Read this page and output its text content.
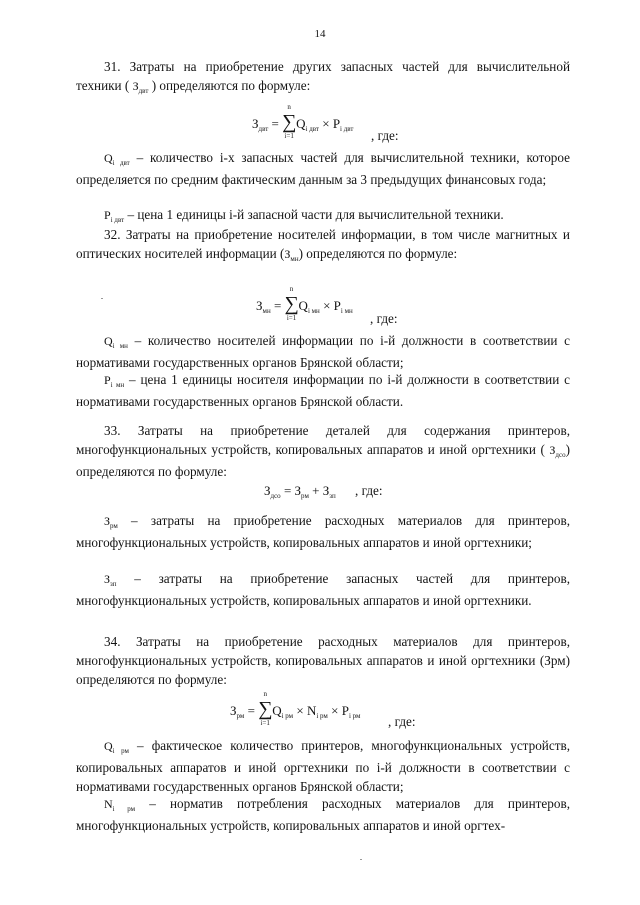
14

31. Затраты на приобретение других запасных частей для вычислительной техники ( $З_{двт}$ ) определяются по формуле:

$З_{двт}$ =
n
∑
i=1
$Q_{i двт} \times P_{i двт}$ , где:

$Q_{i двт}$ – количество i-х запасных частей для вычислительной техники, которое определяется по средним фактическим данным за 3 предыдущих финансовых года;

$P_{i двт}$ – цена 1 единицы i-й запасной части для вычислительной техники.

32. Затраты на приобретение носителей информации, в том числе магнитных и оптических носителей информации $(З_{мн})$ определяются по формуле:

$З_{мн}$ =
n
∑
i=1
$Q_{i мн} \times P_{i мн}$ , где:

$Q_{i мн}$ – количество носителей информации по i-й должности в соответствии с нормативами государственных органов Брянской области;

$P_{i мн}$ – цена 1 единицы носителя информации по i-й должности в соответствии с нормативами государственных органов Брянской области.

33. Затраты на приобретение деталей для содержания принтеров, многофункциональных устройств, копировальных аппаратов и иной оргтехники ( $З_{дсо}$) определяются по формуле:

$З_{дсо} = З_{рм} + З_{зп}$ , где:

$З_{рм}$ – затраты на приобретение расходных материалов для принтеров, многофункциональных устройств, копировальных аппаратов и иной оргтехники;

$З_{зп}$ – затраты на приобретение запасных частей для принтеров, многофункциональных устройств, копировальных аппаратов и иной оргтехники.

34. Затраты на приобретение расходных материалов для принтеров, многофункциональных устройств, копировальных аппаратов и иной оргтехники (Зрм) определяются по формуле:

$З_{рм}$ =
n
∑
i=1
$Q_{i рм} \times N_{i рм} \times P_{i рм}$ , где:

$Q_{i рм}$ – фактическое количество принтеров, многофункциональных устройств, копировальных аппаратов и иной оргтехники по i-й должности в соответствии с нормативами государственных органов Брянской области;

$N_{i рм}$ – норматив потребления расходных материалов для принтеров, многофункциональных устройств, копировальных аппаратов и иной оргтех-
